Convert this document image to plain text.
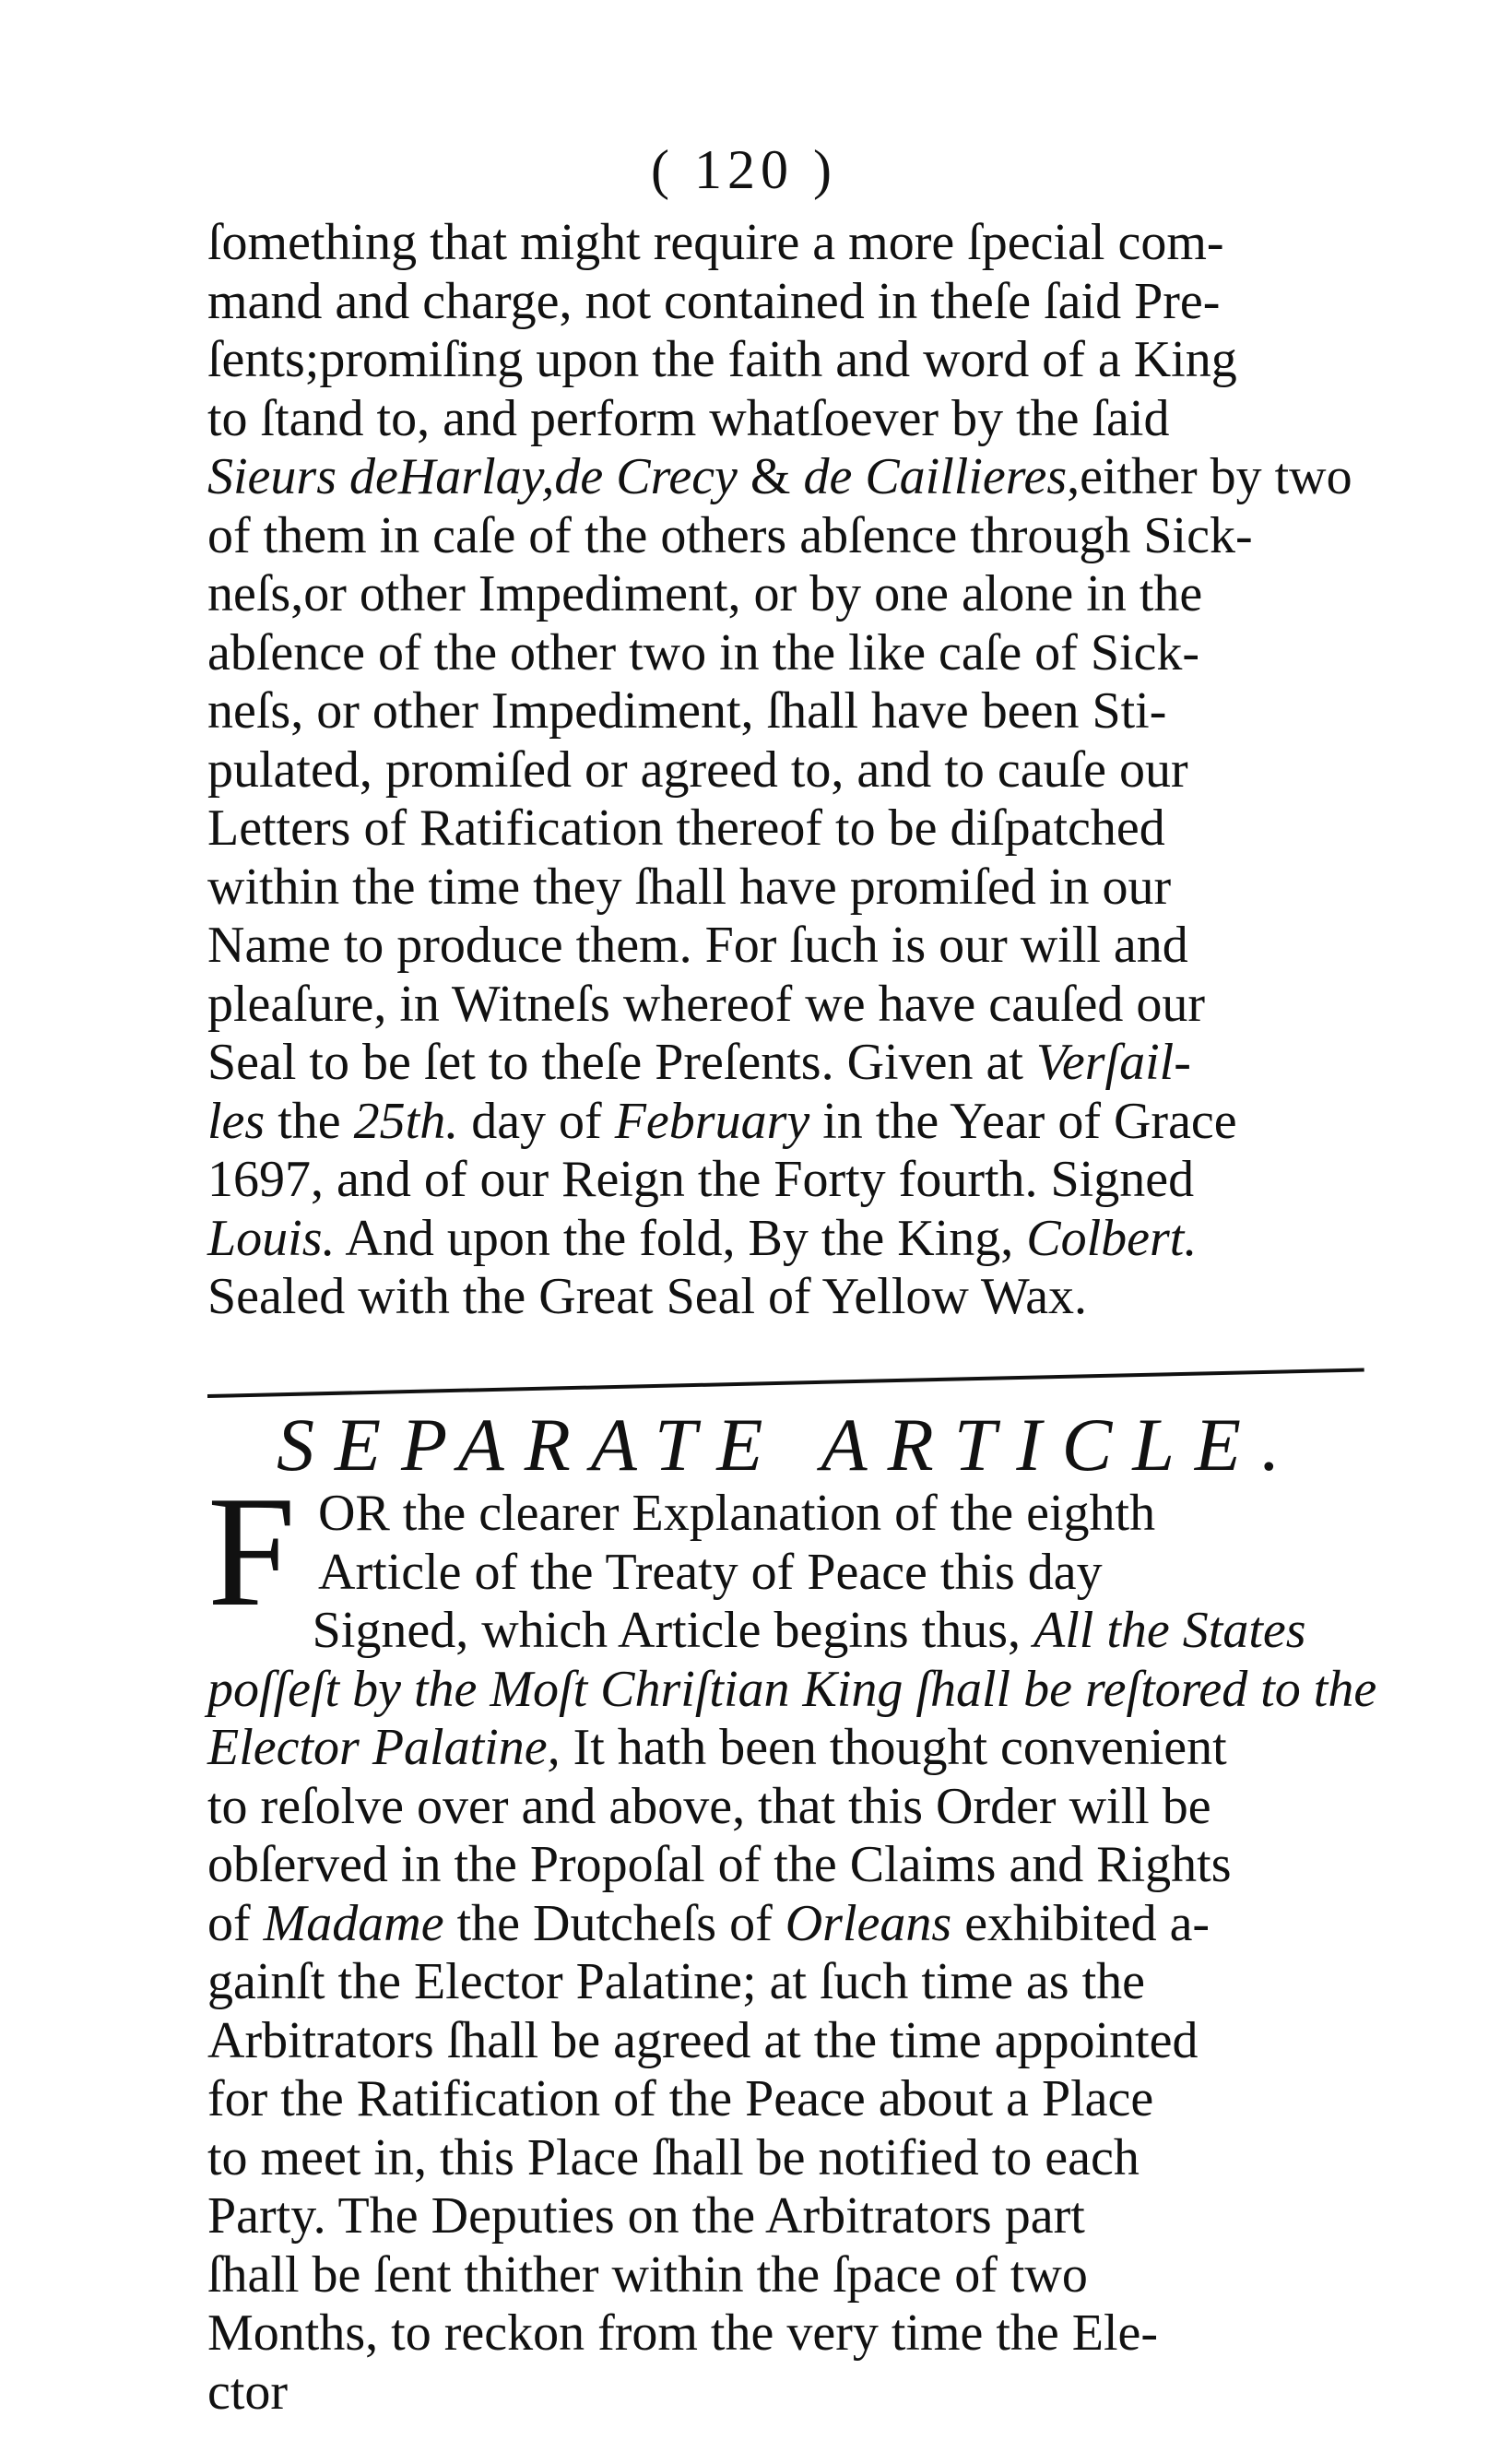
( 120 )
ſomething that might require a more ſpecial com-
mand and charge, not contained in theſe ſaid Pre-
ſents;promiſing upon the faith and word of a King
to ſtand to, and perform whatſoever by the ſaid
Sieurs deHarlay,de Crecy & de Caillieres,either by two
of them in caſe of the others abſence through Sick-
neſs,or other Impediment, or by one alone in the
abſence of the other two in the like caſe of Sick-
neſs, or other Impediment, ſhall have been Sti-
pulated, promiſed or agreed to, and to cauſe our
Letters of Ratification thereof to be diſpatched
within the time they ſhall have promiſed in our
Name to produce them. For ſuch is our will and
pleaſure, in Witneſs whereof we have cauſed our
Seal to be ſet to theſe Preſents. Given at Verſail-
les the 25th. day of February in the Year of Grace
1697, and of our Reign the Forty fourth. Signed
Louis. And upon the fold, By the King, Colbert.
Sealed with the Great Seal of Yellow Wax.
SEPARATE ARTICLE.
F OR the clearer Explanation of the eighth
Article of the Treaty of Peace this day
Signed, which Article begins thus, All the States
poſſeſt by the Moſt Chriſtian King ſhall be reſtored to the
Elector Palatine, It hath been thought convenient
to reſolve over and above, that this Order will be
obſerved in the Propoſal of the Claims and Rights
of Madame the Dutcheſs of Orleans exhibited a-
gainſt the Elector Palatine; at ſuch time as the
Arbitrators ſhall be agreed at the time appointed
for the Ratification of the Peace about a Place
to meet in, this Place ſhall be notified to each
Party. The Deputies on the Arbitrators part
ſhall be ſent thither within the ſpace of two
Months, to reckon from the very time the Ele-
ctor
